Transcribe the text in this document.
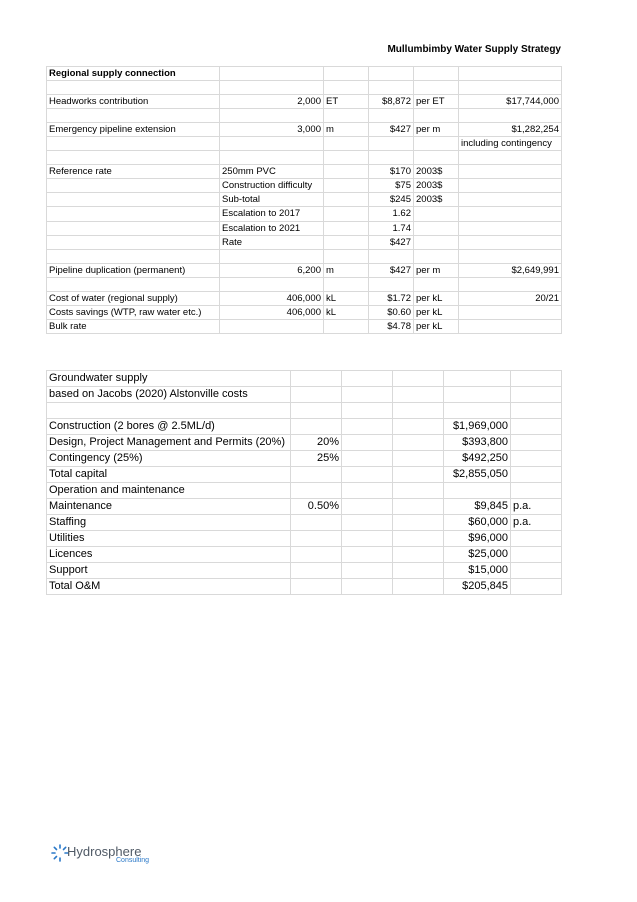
Mullumbimby Water Supply Strategy
Regional supply connection					

Headworks contribution	2,000	ET	$8,872	per ET	$17,744,000

Emergency pipeline extension	3,000	m	$427	per m	$1,282,254
					including contingency

Reference rate	250mm PVC		$170	2003$	
	Construction difficulty		$75	2003$	
	Sub-total		$245	2003$	
	Escalation to 2017		1.62		
	Escalation to 2021		1.74		
	Rate		$427		

Pipeline duplication (permanent)	6,200	m	$427	per m	$2,649,991

Cost of water (regional supply)	406,000	kL	$1.72	per kL	20/21
Costs savings (WTP, raw water etc.)	406,000	kL	$0.60	per kL	
Bulk rate			$4.78	per kL	
Groundwater supply					
based on Jacobs (2020) Alstonville costs					

Construction (2 bores @ 2.5ML/d)				$1,969,000	
Design, Project Management and Permits (20%)	20%			$393,800	
Contingency (25%)	25%			$492,250	
Total capital				$2,855,050	
Operation and maintenance					
Maintenance	0.50%			$9,845	p.a.
Staffing				$60,000	p.a.
Utilities				$96,000	
Licences				$25,000	
Support				$15,000	
Total O&M				$205,845	
Hydrosphere
Consulting
